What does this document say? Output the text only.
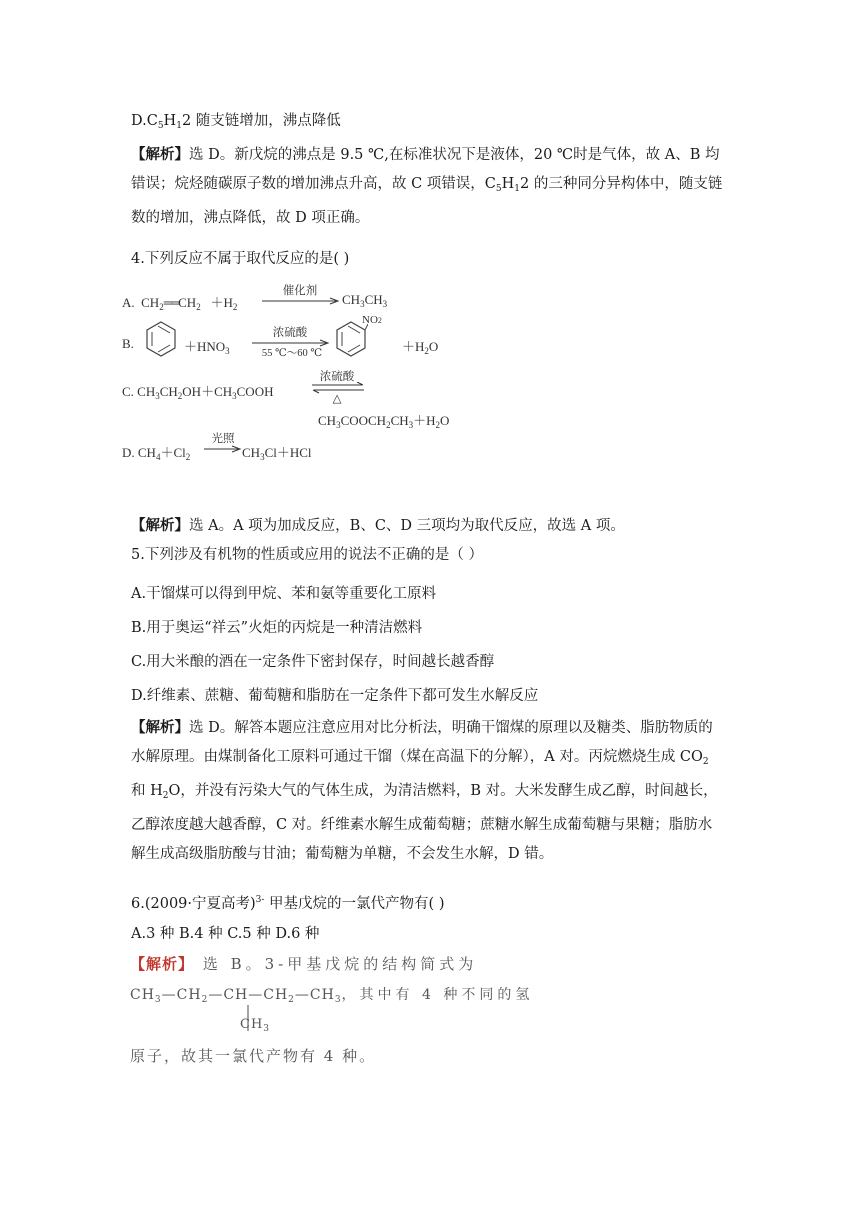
$D.C_5H_12$ 随支链增加，沸点降低
【解析】选 D。新戊烷的沸点是 9.5 ℃,在标准状况下是液体，20 ℃时是气体，故 A、B 均
错误；烷烃随碳原子数的增加沸点升高，故 C 项错误，$C_5H_12$ 的三种同分异构体中，随支链
数的增加，沸点降低，故 D 项正确。
4.下列反应不属于取代反应的是( )
A. $CH_2══CH_2 +H_2$
催化剂
$CH_3CH_3$
B.	$+HNO_3$
浓硫酸
55 ℃～60 ℃
NO2
$+H_2O$
C. $CH_3CH_2OH+CH_3COOH$
浓硫酸
△
$CH_3COOCH_2CH_3+H_2O$
D. $CH_4+Cl_2$
光照
$CH_3Cl+HCl$
【解析】选 A。A 项为加成反应，B、C、D 三项均为取代反应，故选 A 项。
5.下列涉及有机物的性质或应用的说法不正确的是（ ）
A.干馏煤可以得到甲烷、苯和氨等重要化工原料
B.用于奥运“祥云”火炬的丙烷是一种清洁燃料
C.用大米酿的酒在一定条件下密封保存，时间越长越香醇
D.纤维素、蔗糖、葡萄糖和脂肪在一定条件下都可发生水解反应
【解析】选 D。解答本题应注意应用对比分析法，明确干馏煤的原理以及糖类、脂肪物质的
水解原理。由煤制备化工原料可通过干馏（煤在高温下的分解），A 对。丙烷燃烧生成 $CO_2$
和 $H_2O$，并没有污染大气的气体生成，为清洁燃料，B 对。大米发酵生成乙醇，时间越长，
乙醇浓度越大越香醇，C 对。纤维素水解生成葡萄糖；蔗糖水解生成葡萄糖与果糖；脂肪水
解生成高级脂肪酸与甘油；葡萄糖为单糖，不会发生水解，D 错。
6.(2009·宁夏高考)$^{3-}$ 甲基戊烷的一氯代产物有( )
A.3 种 B.4 种 C.5 种 D.6 种
【解析】 选 B。3-甲基戊烷的结构简式为
$CH_3—CH_2—CH—CH_2—CH_3$，其中有 4 种不同的氢
$CH_3$
原子，故其一氯代产物有 4 种。
